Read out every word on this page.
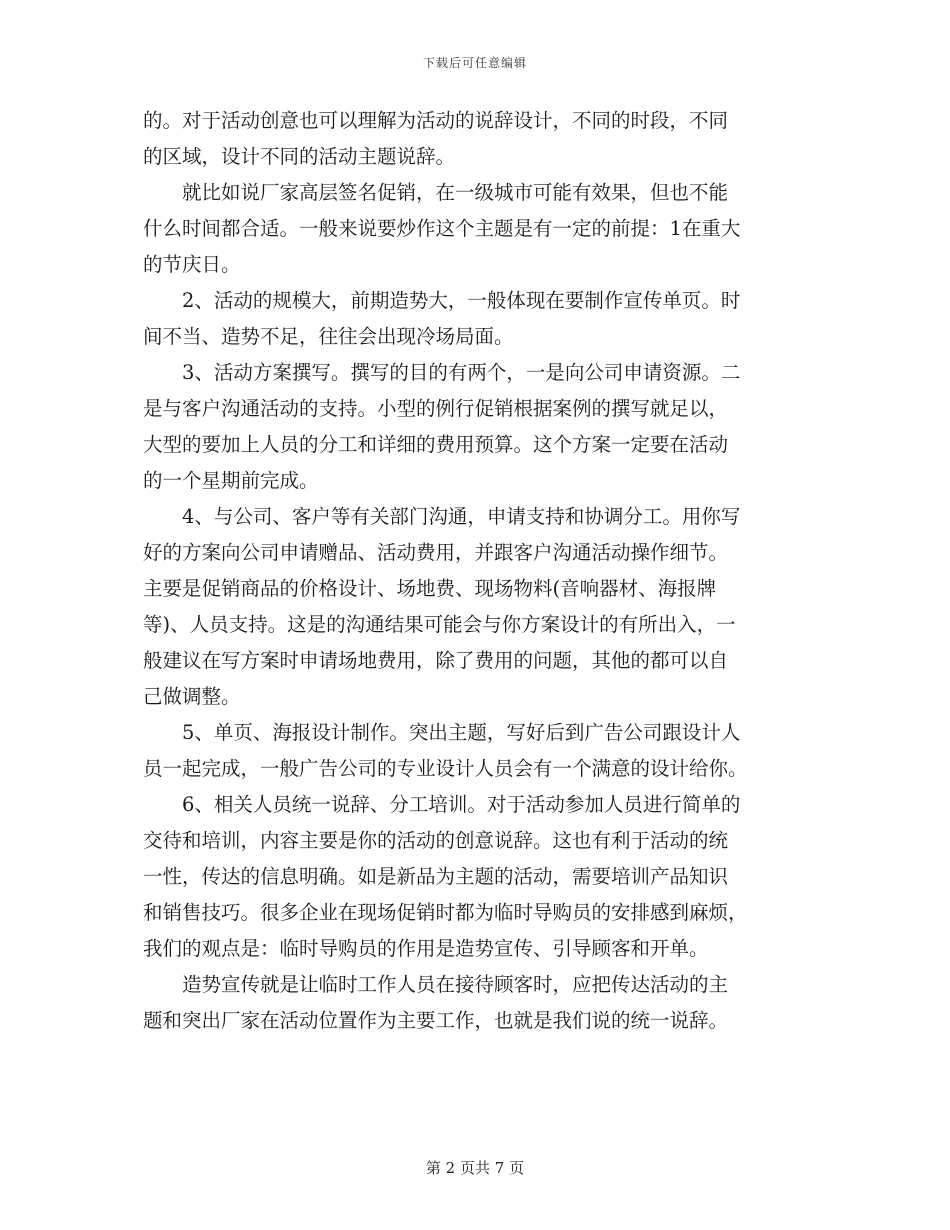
下载后可任意编辑

的。对于活动创意也可以理解为活动的说辞设计，不同的时段，不同
的区域，设计不同的活动主题说辞。

　　就比如说厂家高层签名促销，在一级城市可能有效果，但也不能
什么时间都合适。一般来说要炒作这个主题是有一定的前提：1在重大
的节庆日。

　　2、活动的规模大，前期造势大，一般体现在要制作宣传单页。时
间不当、造势不足，往往会出现冷场局面。

　　3、活动方案撰写。撰写的目的有两个，一是向公司申请资源。二
是与客户沟通活动的支持。小型的例行促销根据案例的撰写就足以，
大型的要加上人员的分工和详细的费用预算。这个方案一定要在活动
的一个星期前完成。

　　4、与公司、客户等有关部门沟通，申请支持和协调分工。用你写
好的方案向公司申请赠品、活动费用，并跟客户沟通活动操作细节。
主要是促销商品的价格设计、场地费、现场物料(音响器材、海报牌
等)、人员支持。这是的沟通结果可能会与你方案设计的有所出入，一
般建议在写方案时申请场地费用，除了费用的问题，其他的都可以自
己做调整。

　　5、单页、海报设计制作。突出主题，写好后到广告公司跟设计人
员一起完成，一般广告公司的专业设计人员会有一个满意的设计给你。

　　6、相关人员统一说辞、分工培训。对于活动参加人员进行简单的
交待和培训，内容主要是你的活动的创意说辞。这也有利于活动的统
一性，传达的信息明确。如是新品为主题的活动，需要培训产品知识
和销售技巧。很多企业在现场促销时都为临时导购员的安排感到麻烦，
我们的观点是：临时导购员的作用是造势宣传、引导顾客和开单。

　　造势宣传就是让临时工作人员在接待顾客时，应把传达活动的主
题和突出厂家在活动位置作为主要工作，也就是我们说的统一说辞。

第 2 页共 7 页
